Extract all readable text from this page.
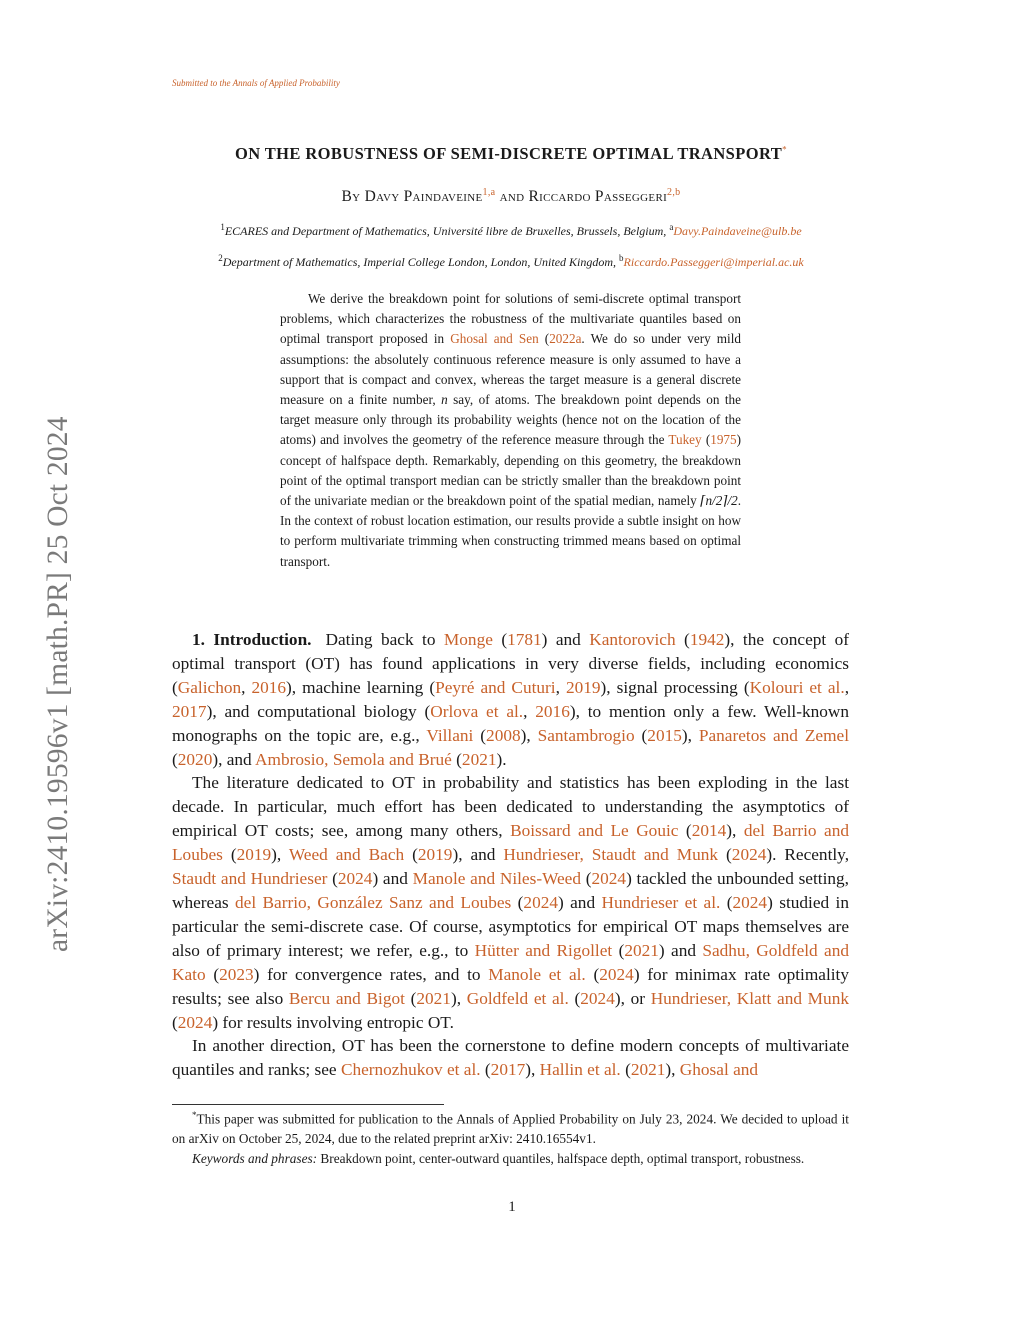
Submitted to the Annals of Applied Probability
arXiv:2410.19596v1 [math.PR] 25 Oct 2024
ON THE ROBUSTNESS OF SEMI-DISCRETE OPTIMAL TRANSPORT*
By Davy Paindaveine$^{1,a}$ and Riccardo Passeggeri$^{2,b}$
$^1$ECARES and Department of Mathematics, Université libre de Bruxelles, Brussels, Belgium, $^a$Davy.Paindaveine@ulb.be
$^2$Department of Mathematics, Imperial College London, London, United Kingdom, $^b$Riccardo.Passeggeri@imperial.ac.uk

We derive the breakdown point for solutions of semi-discrete optimal transport problems, which characterizes the robustness of the multivariate quantiles based on optimal transport proposed in Ghosal and Sen (2022a. We do so under very mild assumptions: the absolutely continuous reference measure is only assumed to have a support that is compact and convex, whereas the target measure is a general discrete measure on a finite number, n say, of atoms. The breakdown point depends on the target measure only through its probability weights (hence not on the location of the atoms) and involves the geometry of the reference measure through the Tukey (1975) concept of halfspace depth. Remarkably, depending on this geometry, the breakdown point of the optimal transport median can be strictly smaller than the breakdown point of the univariate median or the breakdown point of the spatial median, namely ⌈n/2⌉/2. In the context of robust location estimation, our results provide a subtle insight on how to perform multivariate trimming when constructing trimmed means based on optimal transport.

1. Introduction. Dating back to Monge (1781) and Kantorovich (1942), the concept of optimal transport (OT) has found applications in very diverse fields, including economics (Galichon, 2016), machine learning (Peyré and Cuturi, 2019), signal processing (Kolouri et al., 2017), and computational biology (Orlova et al., 2016), to mention only a few. Well-known monographs on the topic are, e.g., Villani (2008), Santambrogio (2015), Panaretos and Zemel (2020), and Ambrosio, Semola and Brué (2021).

The literature dedicated to OT in probability and statistics has been exploding in the last decade. In particular, much effort has been dedicated to understanding the asymptotics of empirical OT costs; see, among many others, Boissard and Le Gouic (2014), del Barrio and Loubes (2019), Weed and Bach (2019), and Hundrieser, Staudt and Munk (2024). Recently, Staudt and Hundrieser (2024) and Manole and Niles-Weed (2024) tackled the unbounded setting, whereas del Barrio, González Sanz and Loubes (2024) and Hundrieser et al. (2024) studied in particular the semi-discrete case. Of course, asymptotics for empirical OT maps themselves are also of primary interest; we refer, e.g., to Hütter and Rigollet (2021) and Sadhu, Goldfeld and Kato (2023) for convergence rates, and to Manole et al. (2024) for minimax rate optimality results; see also Bercu and Bigot (2021), Goldfeld et al. (2024), or Hundrieser, Klatt and Munk (2024) for results involving entropic OT.

In another direction, OT has been the cornerstone to define modern concepts of multivariate quantiles and ranks; see Chernozhukov et al. (2017), Hallin et al. (2021), Ghosal and

*This paper was submitted for publication to the Annals of Applied Probability on July 23, 2024. We decided to upload it on arXiv on October 25, 2024, due to the related preprint arXiv: 2410.16554v1.

Keywords and phrases: Breakdown point, center-outward quantiles, halfspace depth, optimal transport, robustness.

1
